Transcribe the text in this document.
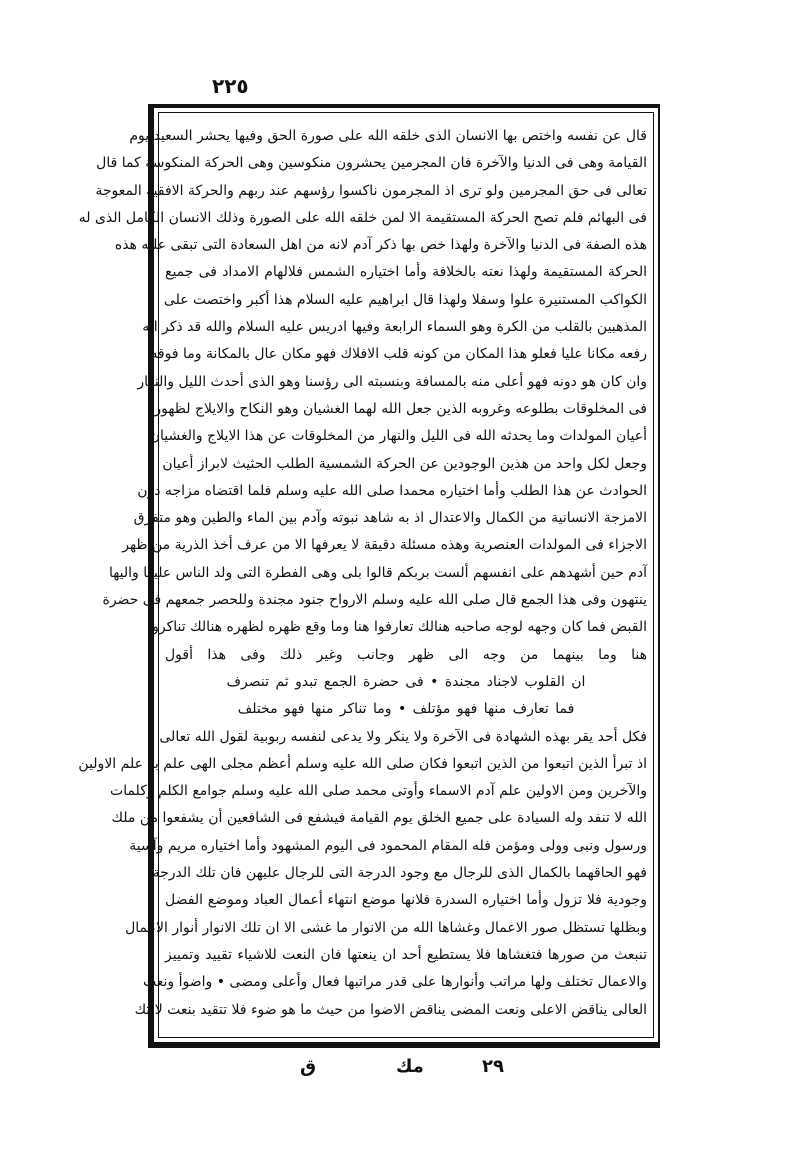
٢٢٥
قال عن نفسه واختص بها الانسان الذى خلقه الله على صورة الحق وفيها يحشر السعيد يوم
القيامة وهى فى الدنيا والآخرة فان المجرمين يحشرون منكوسين وهى الحركة المنكوسة كما قال
تعالى فى حق المجرمين ولو ترى اذ المجرمون ناكسوا رؤسهم عند ربهم والحركة الافقية المعوجة
فى البهائم فلم تصح الحركة المستقيمة الا لمن خلقه الله على الصورة وذلك الانسان الكامل الذى له
هذه الصفة فى الدنيا والآخرة ولهذا خص بها ذكر آدم لانه من اهل السعادة التى تبقى عليه هذه
الحركة المستقيمة ولهذا نعته بالخلافة وأما اختياره الشمس فلالهام الامداد فى جميع
الكواكب المستنيرة علوا وسفلا ولهذا قال ابراهيم عليه السلام هذا أكبر واختصت على
المذهبين بالقلب من الكرة وهو السماء الرابعة وفيها ادريس عليه السلام والله قد ذكر انه
رفعه مكانا عليا فعلو هذا المكان من كونه قلب الافلاك فهو مكان عال بالمكانة وما فوقه
وان كان هو دونه فهو أعلى منه بالمسافة وبنسبته الى رؤسنا وهو الذى أحدث الليل والنهار
فى المخلوقات بطلوعه وغروبه الذين جعل الله لهما الغشيان وهو النكاح والايلاج لظهور
أعيان المولدات وما يحدثه الله فى الليل والنهار من المخلوقات عن هذا الايلاج والغشيان
وجعل لكل واحد من هذين الوجودين عن الحركة الشمسية الطلب الحثيث لابراز أعيان
الحوادث عن هذا الطلب وأما اختياره محمدا صلى الله عليه وسلم فلما اقتضاه مزاجه دون
الامزجة الانسانية من الكمال والاعتدال اذ به شاهد نبوته وآدم بين الماء والطين وهو متفرق
الاجزاء فى المولدات العنصرية وهذه مسئلة دقيقة لا يعرفها الا من عرف أخذ الذرية من ظهر
آدم حين أشهدهم على انفسهم ألست بربكم قالوا بلى وهى الفطرة التى ولد الناس عليها واليها
ينتهون وفى هذا الجمع قال صلى الله عليه وسلم الارواح جنود مجندة وللحصر جمعهم فى حضرة
القبض فما كان وجهه لوجه صاحبه هنالك تعارفوا هنا وما وقع ظهره لظهره هنالك تناكروا
هنا وما بينهما من وجه الى ظهر وجانب وغير ذلك وفى هذا أقول
ان القلوب لاجناد مجندة • فى حضرة الجمع تبدو ثم تنصرف
فما تعارف منها فهو مؤتلف • وما تناكر منها فهو مختلف
فكل أحد يقر بهذه الشهادة فى الآخرة ولا ينكر ولا يدعى لنفسه ربوبية لقول الله تعالى
اذ تبرأ الذين اتبعوا من الذين اتبعوا فكان صلى الله عليه وسلم أعظم مجلى الهى علم به علم الاولين
والآخرين ومن الاولين علم آدم الاسماء وأوتى محمد صلى الله عليه وسلم جوامع الكلم وكلمات
الله لا تنفد وله السيادة على جميع الخلق يوم القيامة فيشفع فى الشافعين أن يشفعوا من ملك
ورسول ونبى وولى ومؤمن فله المقام المحمود فى اليوم المشهود وأما اختياره مريم وآسية
فهو الحاقهما بالكمال الذى للرجال مع وجود الدرجة التى للرجال عليهن فان تلك الدرجة
وجودية فلا تزول وأما اختياره السدرة فلانها موضع انتهاء أعمال العباد وموضع الفضل
وبظلها تستظل صور الاعمال وغشاها الله من الانوار ما غشى الا ان تلك الانوار أنوار الاعمال
تنبعث من صورها فتغشاها فلا يستطيع أحد ان ينعتها فان النعت للاشياء تقييد وتمييز
والاعمال تختلف ولها مراتب وأنوارها على قدر مراتبها فعال وأعلى ومضى • واضوأ ونعت
العالى يناقض الاعلى ونعت المضى يناقض الاضوا من حيث ما هو ضوء فلا تتقيد بنعت لا تك
٢٩
مك
ق
